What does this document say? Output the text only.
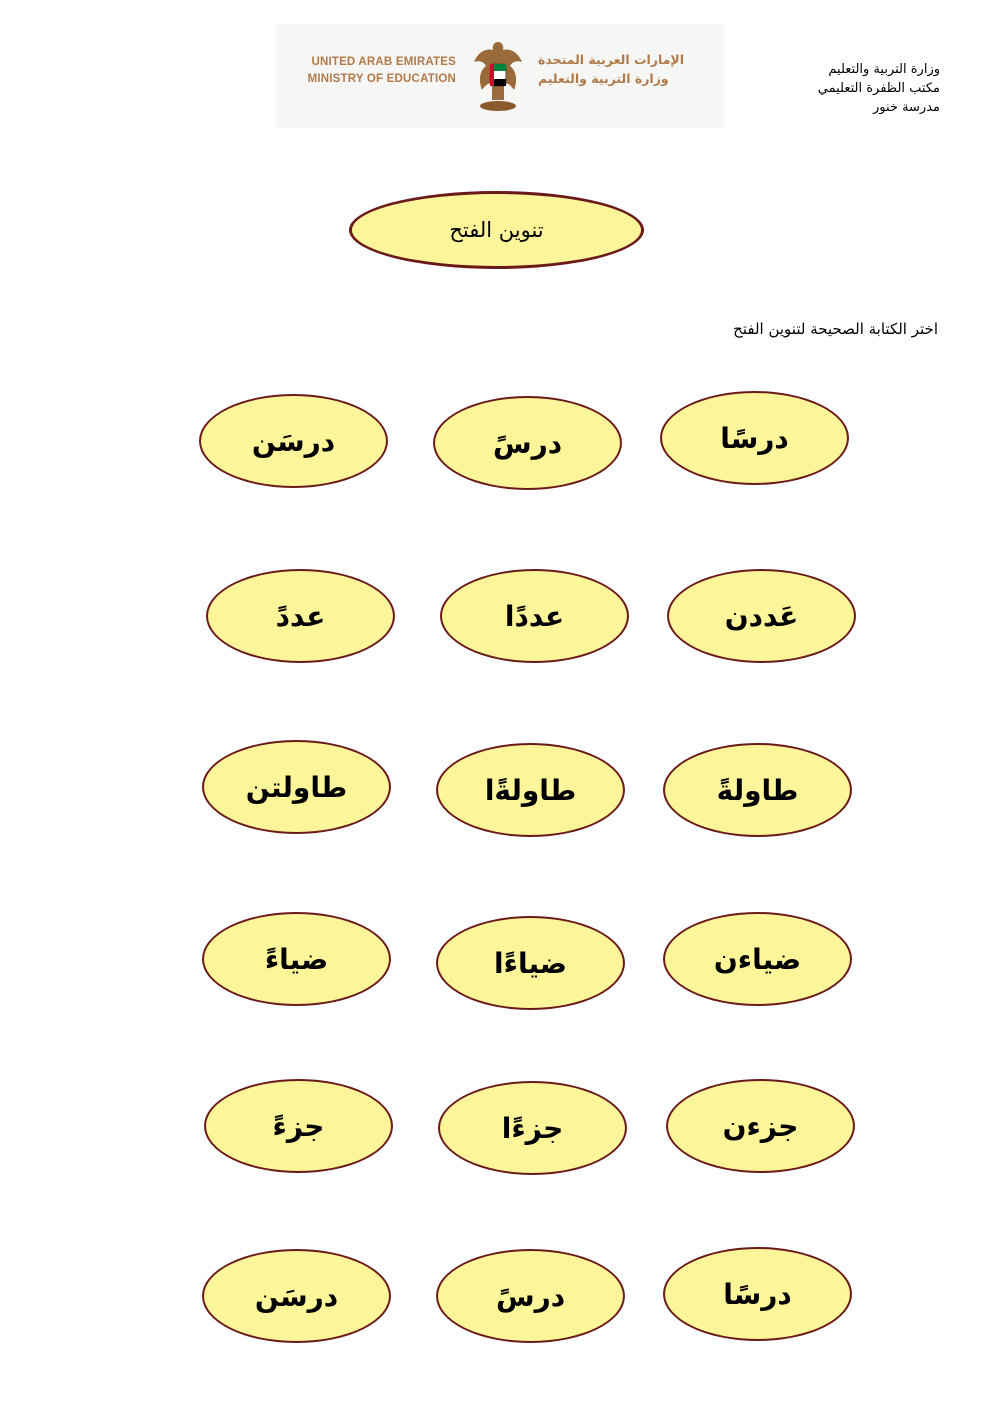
UNITED ARAB EMIRATES
MINISTRY OF EDUCATION
الإمارات العربية المتحدة
وزارة التربية والتعليم
وزارة التربية والتعليم
مكتب الظفرة التعليمي
مدرسة خنور
تنوين الفتح
اختر الكتابة الصحيحة لتنوين الفتح
درسًا
درسً
درسَن
عَددن
عددًا
عددً
طاولةً
طاولةًا
طاولتن
ضياءن
ضياءًا
ضياءً
جزءن
جزءًا
جزءً
درسًا
درسً
درسَن
